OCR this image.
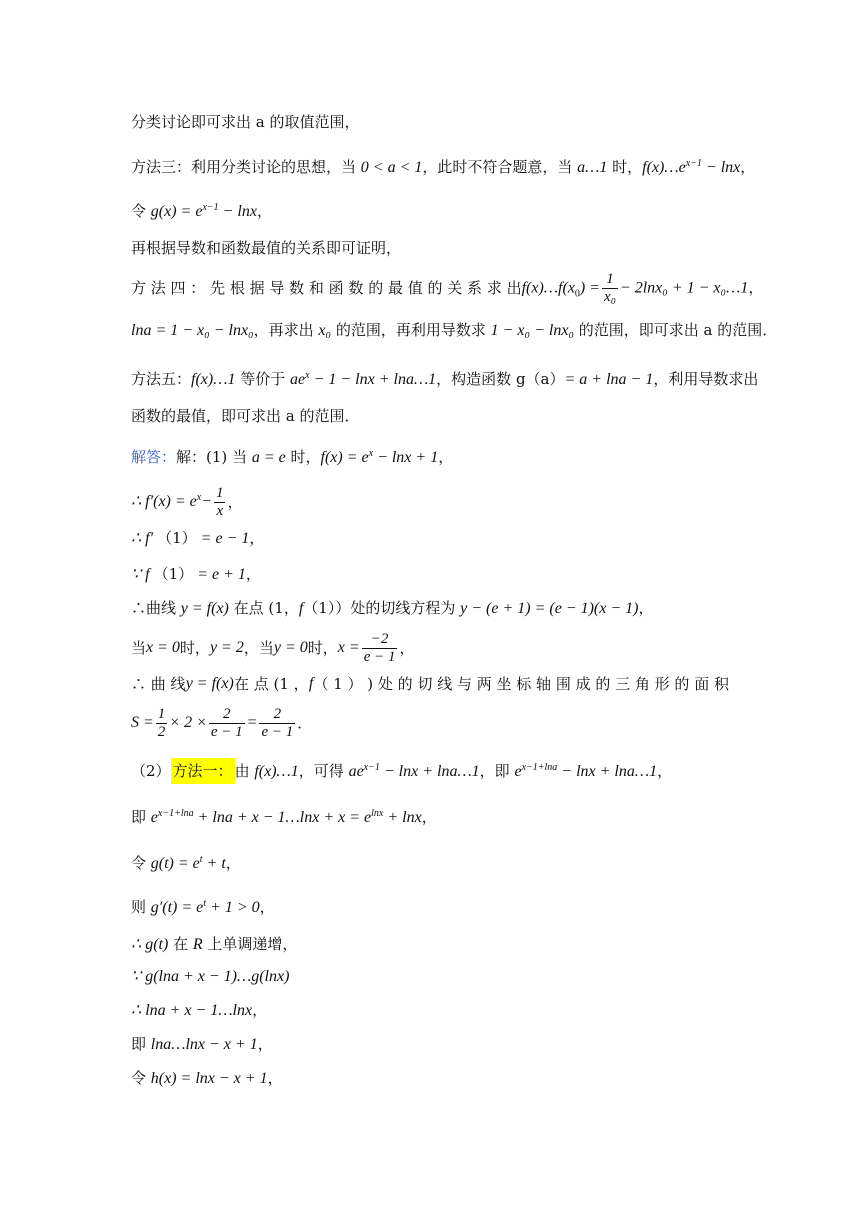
分类讨论即可求出 a 的取值范围，
方法三：利用分类讨论的思想，当 0 < a < 1，此时不符合题意，当 a…1 时，$f(x)\dots e^{x-1} - \ln x$，
令 $g(x) = e^{x-1} - \ln x$，
再根据导数和函数最值的关系即可证明，
方 法 四 ： 先 根 据 导 数 和 函 数 的 最 值 的 关 系 求 出 $f(x)\dots f(x_0) = \frac{1}{\text{x₀}} - 2\ln x_0 + 1$ − x₀…1，
lna = 1 − x₀ − lnx₀，再求出 x₀ 的范围，再利用导数求 1 − x₀ − lnx₀ 的范围，即可求出 a 的范围．
方法五：f(x)…1 等价于 $ae^x - 1 - \ln x$ + lna…1，构造函数 g（a）= a + lna − 1，利用导数求出
函数的最值，即可求出 a 的范围．
解答：解：(1) 当 a = e 时，$f(x) = e^x - \ln x + 1$，
∴ $f'(x) = e^x - \frac{1}{x}$ ，
∴ f′ （1） = e − 1，
∵ f （1） = e + 1，
∴曲线 y = f(x) 在点 (1，f（1））处的切线方程为 y − (e + 1) = (e − 1)(x − 1)，
当 x = 0 时， y = 2 ，当 y = 0 时， $x = \frac{-2}{e - 1}$ ，
∴ 曲 线 y = f(x) 在 点 (1 ， f （ 1 ） ) 处 的 切 线 与 两 坐 标 轴 围 成 的 三 角 形 的 面 积
$S = \frac{1}{2} \times 2 \times \frac{2}{e - 1} = \frac{2}{e - 1}$ ．
（2） 方法一： 由 f(x)…1，可得 $ae^{x-1} - \ln x$ + lna…1，即 $e^{x-1+lna} - \ln x$ + lna…1，
即 $e^{x-1+lna} + \ln a + x$ − 1…lnx + $x = e^{lnx} + \ln x$，
令 $g(t) = e^t + t$，
则 $g'(t) = e^t + 1 > 0$，
∴ g(t) 在 R 上单调递增，
∵ g(lna + x − 1)…g(lnx)
∴ lna + x − 1…lnx，
即 lna…lnx − x + 1，
令 h(x) = lnx − x + 1，
